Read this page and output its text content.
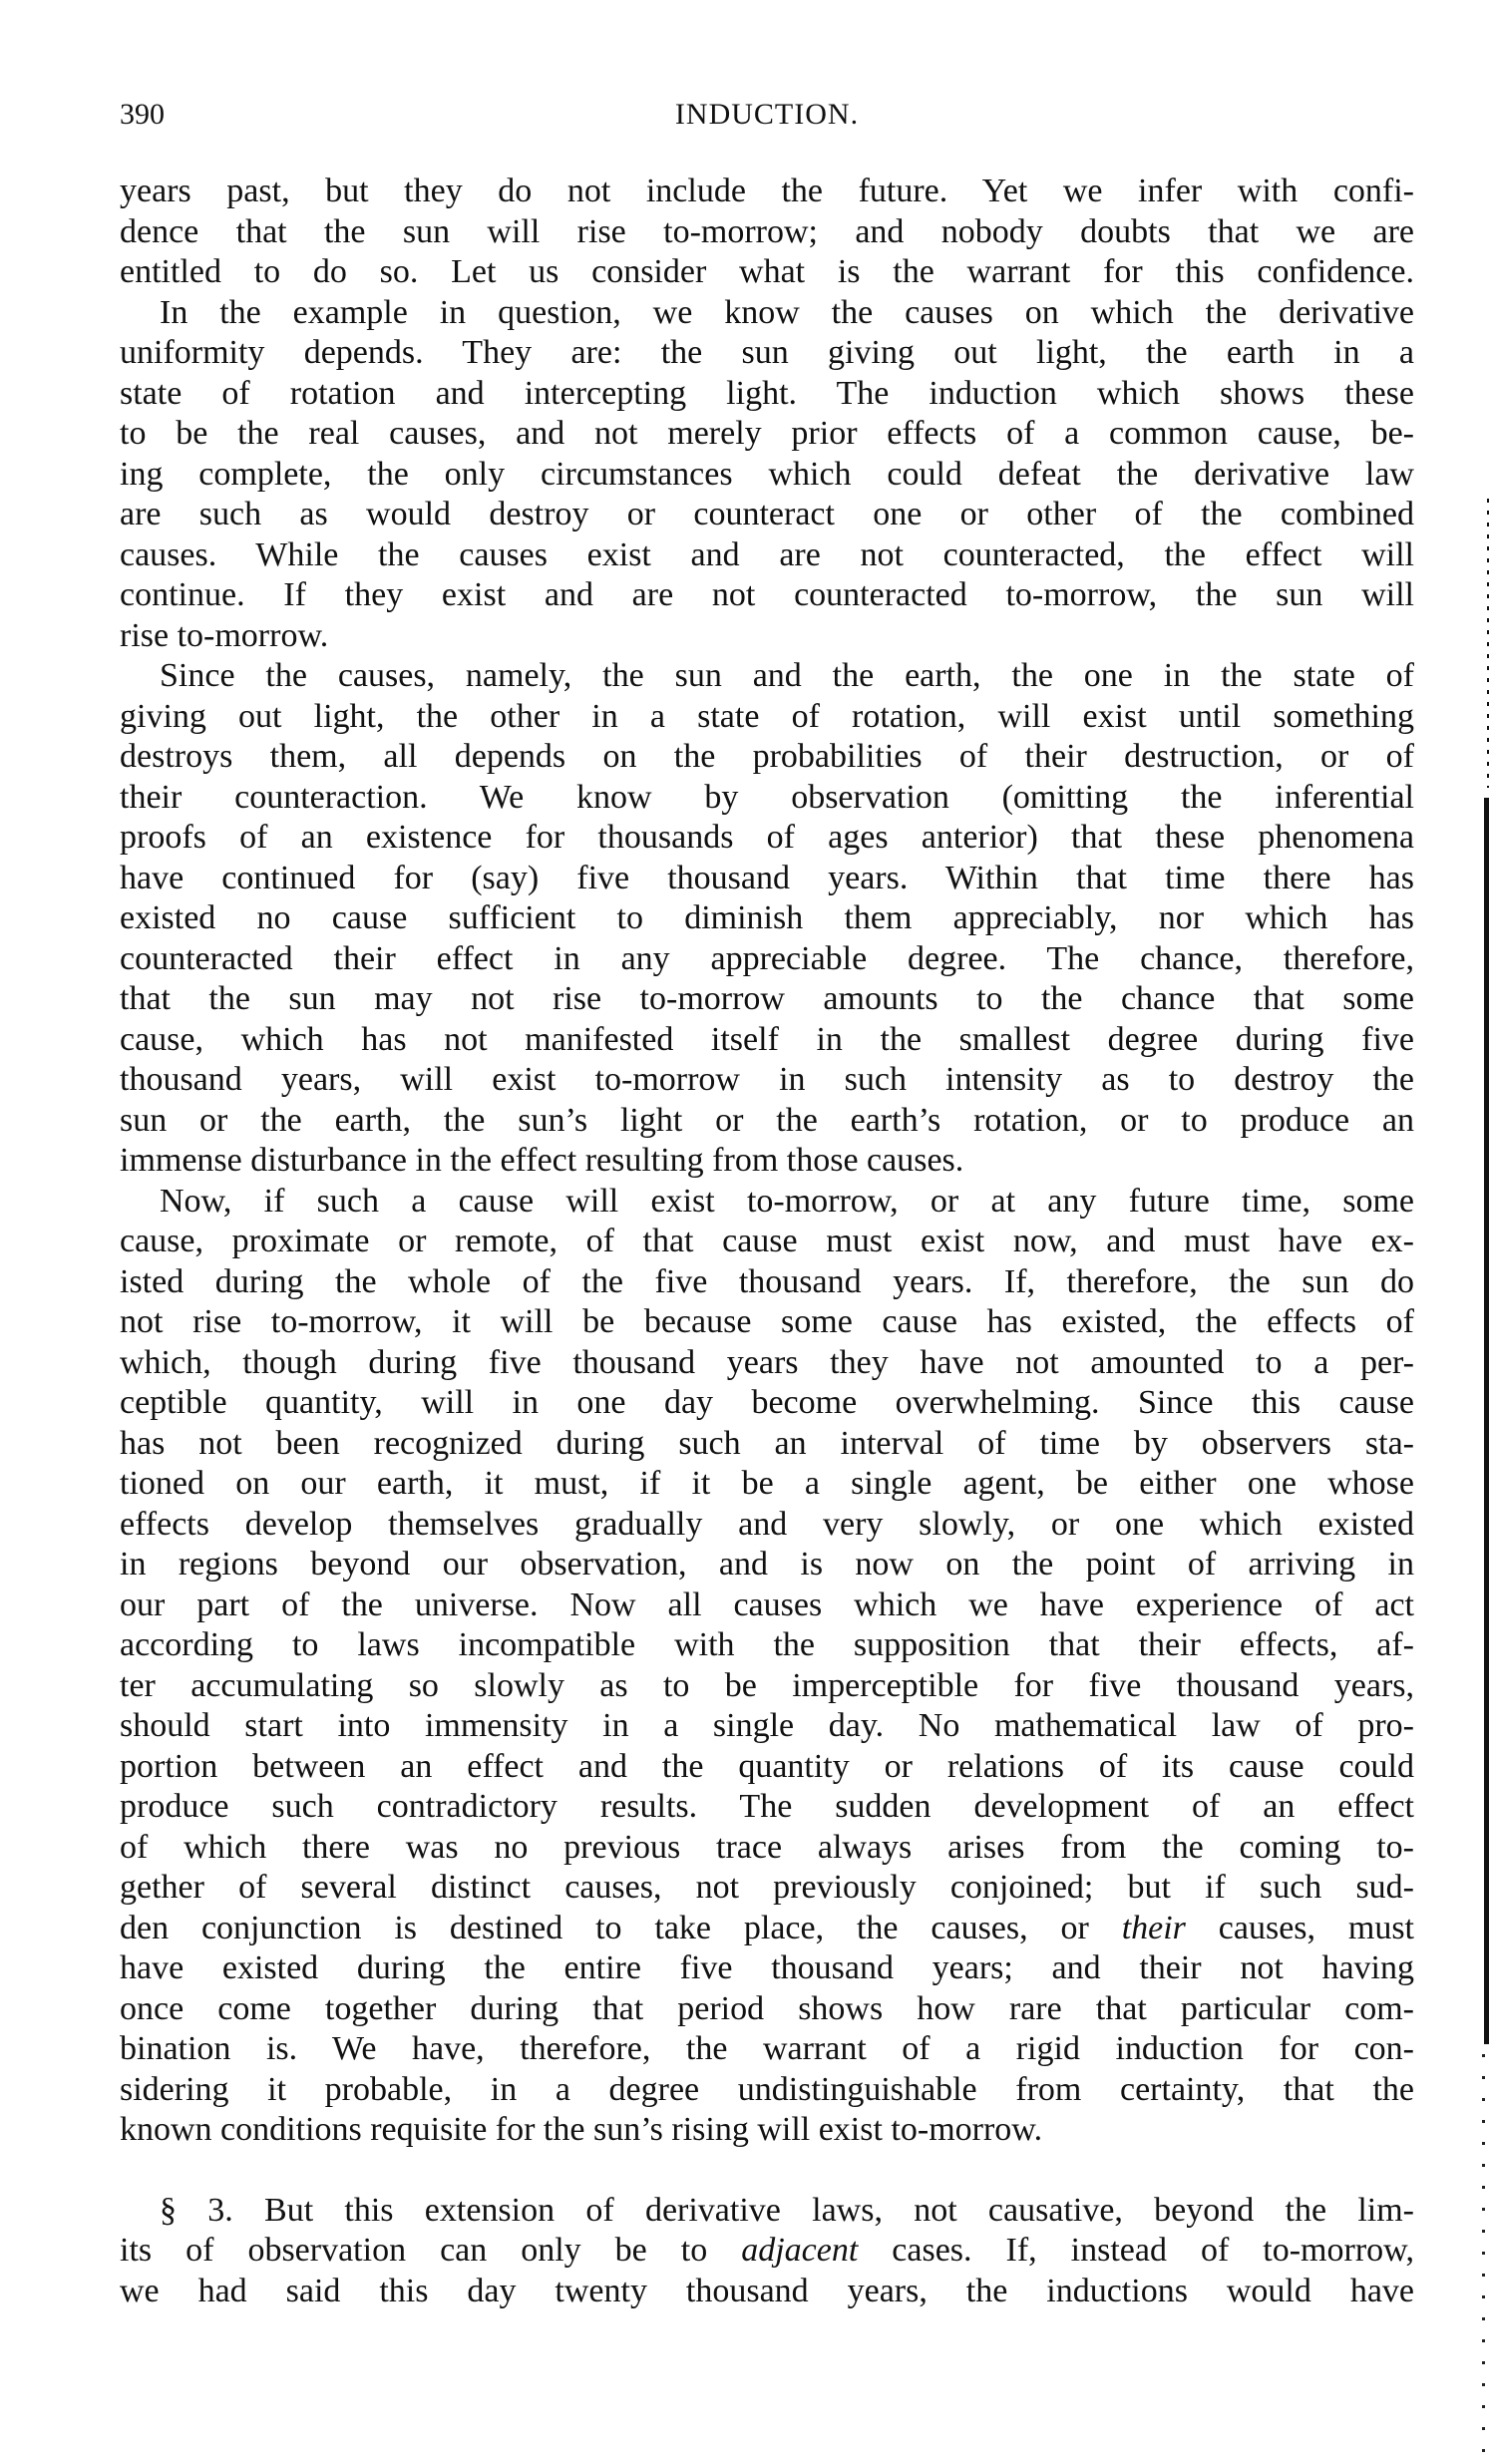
390	INDUCTION.
years past, but they do not include the future. Yet we infer with confi-
dence that the sun will rise to-morrow; and nobody doubts that we are
entitled to do so. Let us consider what is the warrant for this confidence.
In the example in question, we know the causes on which the derivative
uniformity depends. They are: the sun giving out light, the earth in a
state of rotation and intercepting light. The induction which shows these
to be the real causes, and not merely prior effects of a common cause, be-
ing complete, the only circumstances which could defeat the derivative law
are such as would destroy or counteract one or other of the combined
causes. While the causes exist and are not counteracted, the effect will
continue. If they exist and are not counteracted to-morrow, the sun will
rise to-morrow.
Since the causes, namely, the sun and the earth, the one in the state of
giving out light, the other in a state of rotation, will exist until something
destroys them, all depends on the probabilities of their destruction, or of
their counteraction. We know by observation (omitting the inferential
proofs of an existence for thousands of ages anterior) that these phenomena
have continued for (say) five thousand years. Within that time there has
existed no cause sufficient to diminish them appreciably, nor which has
counteracted their effect in any appreciable degree. The chance, therefore,
that the sun may not rise to-morrow amounts to the chance that some
cause, which has not manifested itself in the smallest degree during five
thousand years, will exist to-morrow in such intensity as to destroy the
sun or the earth, the sun’s light or the earth’s rotation, or to produce an
immense disturbance in the effect resulting from those causes.
Now, if such a cause will exist to-morrow, or at any future time, some
cause, proximate or remote, of that cause must exist now, and must have ex-
isted during the whole of the five thousand years. If, therefore, the sun do
not rise to-morrow, it will be because some cause has existed, the effects of
which, though during five thousand years they have not amounted to a per-
ceptible quantity, will in one day become overwhelming. Since this cause
has not been recognized during such an interval of time by observers sta-
tioned on our earth, it must, if it be a single agent, be either one whose
effects develop themselves gradually and very slowly, or one which existed
in regions beyond our observation, and is now on the point of arriving in
our part of the universe. Now all causes which we have experience of act
according to laws incompatible with the supposition that their effects, af-
ter accumulating so slowly as to be imperceptible for five thousand years,
should start into immensity in a single day. No mathematical law of pro-
portion between an effect and the quantity or relations of its cause could
produce such contradictory results. The sudden development of an effect
of which there was no previous trace always arises from the coming to-
gether of several distinct causes, not previously conjoined; but if such sud-
den conjunction is destined to take place, the causes, or their causes, must
have existed during the entire five thousand years; and their not having
once come together during that period shows how rare that particular com-
bination is. We have, therefore, the warrant of a rigid induction for con-
sidering it probable, in a degree undistinguishable from certainty, that the
known conditions requisite for the sun’s rising will exist to-morrow.
§ 3. But this extension of derivative laws, not causative, beyond the lim-
its of observation can only be to adjacent cases. If, instead of to-morrow,
we had said this day twenty thousand years, the inductions would have
